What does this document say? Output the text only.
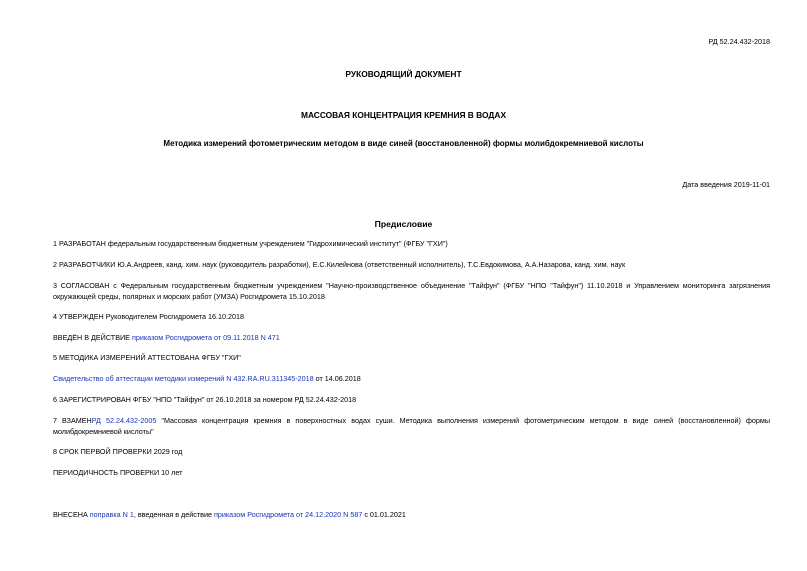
РД 52.24.432-2018
РУКОВОДЯЩИЙ ДОКУМЕНТ
МАССОВАЯ КОНЦЕНТРАЦИЯ КРЕМНИЯ В ВОДАХ
Методика измерений фотометрическим методом в виде синей (восстановленной) формы молибдокремниевой кислоты
Дата введения 2019-11-01
Предисловие
1 РАЗРАБОТАН федеральным государственным бюджетным учреждением "Гидрохимический институт" (ФГБУ "ГХИ")
2 РАЗРАБОТЧИКИ Ю.А.Андреев, канд. хим. наук (руководитель разработки), Е.С.Килейнова (ответственный исполнитель), Т.С.Евдокимова, А.А.Назарова, канд. хим. наук
3 СОГЛАСОВАН с Федеральным государственным бюджетным учреждением "Научно-производственное объединение "Тайфун" (ФГБУ "НПО "Тайфун") 11.10.2018 и Управлением мониторинга загрязнения окружающей среды, полярных и морских работ (УМЗА) Росгидромета 15.10.2018
4 УТВЕРЖДЕН Руководителем Росгидромета 16.10.2018
ВВЕДЁН В ДЕЙСТВИЕ приказом Росгидромета от 09.11.2018 N 471
5 МЕТОДИКА ИЗМЕРЕНИЙ АТТЕСТОВАНА ФГБУ "ГХИ"
Свидетельство об аттестации методики измерений N 432.RA.RU.311345-2018 от 14.06.2018
6 ЗАРЕГИСТРИРОВАН ФГБУ "НПО "Тайфун" от 26.10.2018 за номером РД 52.24.432-2018
7 ВЗАМЕНРД 52.24.432-2005 "Массовая концентрация кремния в поверхностных водах суши. Методика выполнения измерений фотометрическим методом в виде синей (восстановленной) формы молибдокремниевой кислоты"
8 СРОК ПЕРВОЙ ПРОВЕРКИ 2029 год
ПЕРИОДИЧНОСТЬ ПРОВЕРКИ 10 лет
ВНЕСЕНА поправка N 1, введенная в действие приказом Росгидромета от 24.12.2020 N 587 с 01.01.2021
